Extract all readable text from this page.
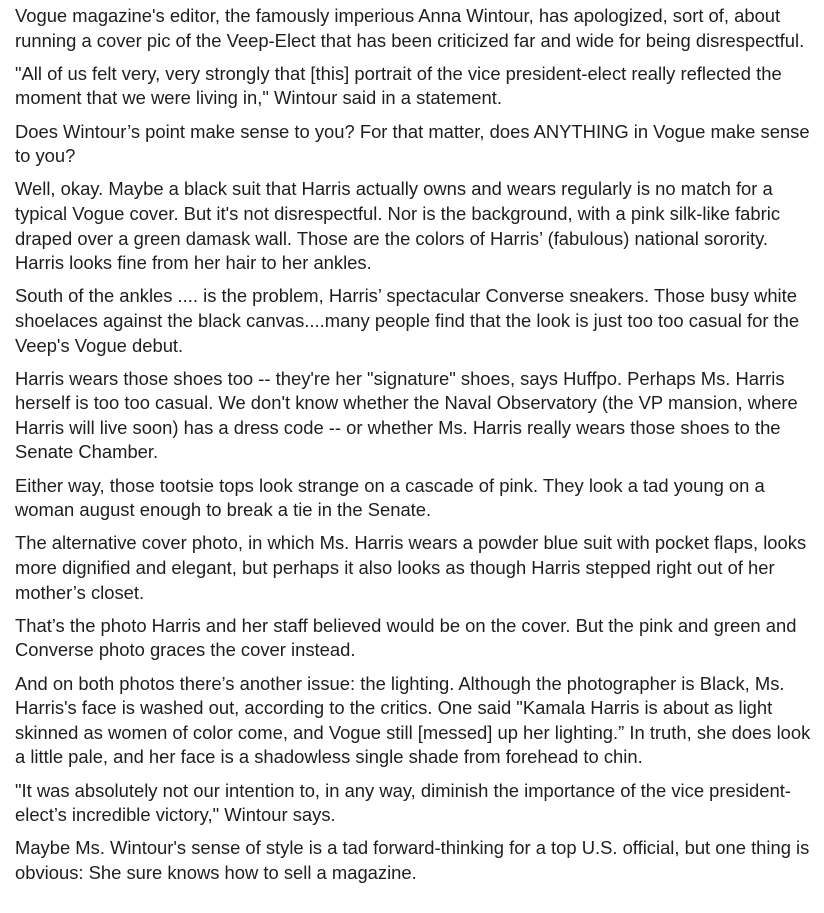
Vogue magazine's editor, the famously imperious Anna Wintour, has apologized, sort of, about running a cover pic of the Veep-Elect that has been criticized far and wide for being disrespectful.

"All of us felt very, very strongly that [this] portrait of the vice president-elect really reflected the moment that we were living in," Wintour said in a statement.

Does Wintour’s point make sense to you? For that matter, does ANYTHING in Vogue make sense to you?

Well, okay. Maybe a black suit that Harris actually owns and wears regularly is no match for a typical Vogue cover. But it's not disrespectful. Nor is the background, with a pink silk-like fabric draped over a green damask wall. Those are the colors of Harris’ (fabulous) national sorority. Harris looks fine from her hair to her ankles.

South of the ankles .... is the problem, Harris’ spectacular Converse sneakers. Those busy white shoelaces against the black canvas....many people find that the look is just too too casual for the Veep's Vogue debut.

Harris wears those shoes too -- they're her "signature" shoes, says Huffpo. Perhaps Ms. Harris herself is too too casual. We don't know whether the Naval Observatory (the VP mansion, where Harris will live soon) has a dress code -- or whether Ms. Harris really wears those shoes to the Senate Chamber.

Either way, those tootsie tops look strange on a cascade of pink. They look a tad young on a woman august enough to break a tie in the Senate.

The alternative cover photo, in which Ms. Harris wears a powder blue suit with pocket flaps, looks more dignified and elegant, but perhaps it also looks as though Harris stepped right out of her mother’s closet.

That’s the photo Harris and her staff believed would be on the cover. But the pink and green and Converse photo graces the cover instead.

And on both photos there’s another issue: the lighting. Although the photographer is Black, Ms. Harris's face is washed out, according to the critics. One said "Kamala Harris is about as light skinned as women of color come, and Vogue still [messed] up her lighting.” In truth, she does look a little pale, and her face is a shadowless single shade from forehead to chin.

"It was absolutely not our intention to, in any way, diminish the importance of the vice president-elect’s incredible victory," Wintour says.

Maybe Ms. Wintour's sense of style is a tad forward-thinking for a top U.S. official, but one thing is obvious: She sure knows how to sell a magazine.
